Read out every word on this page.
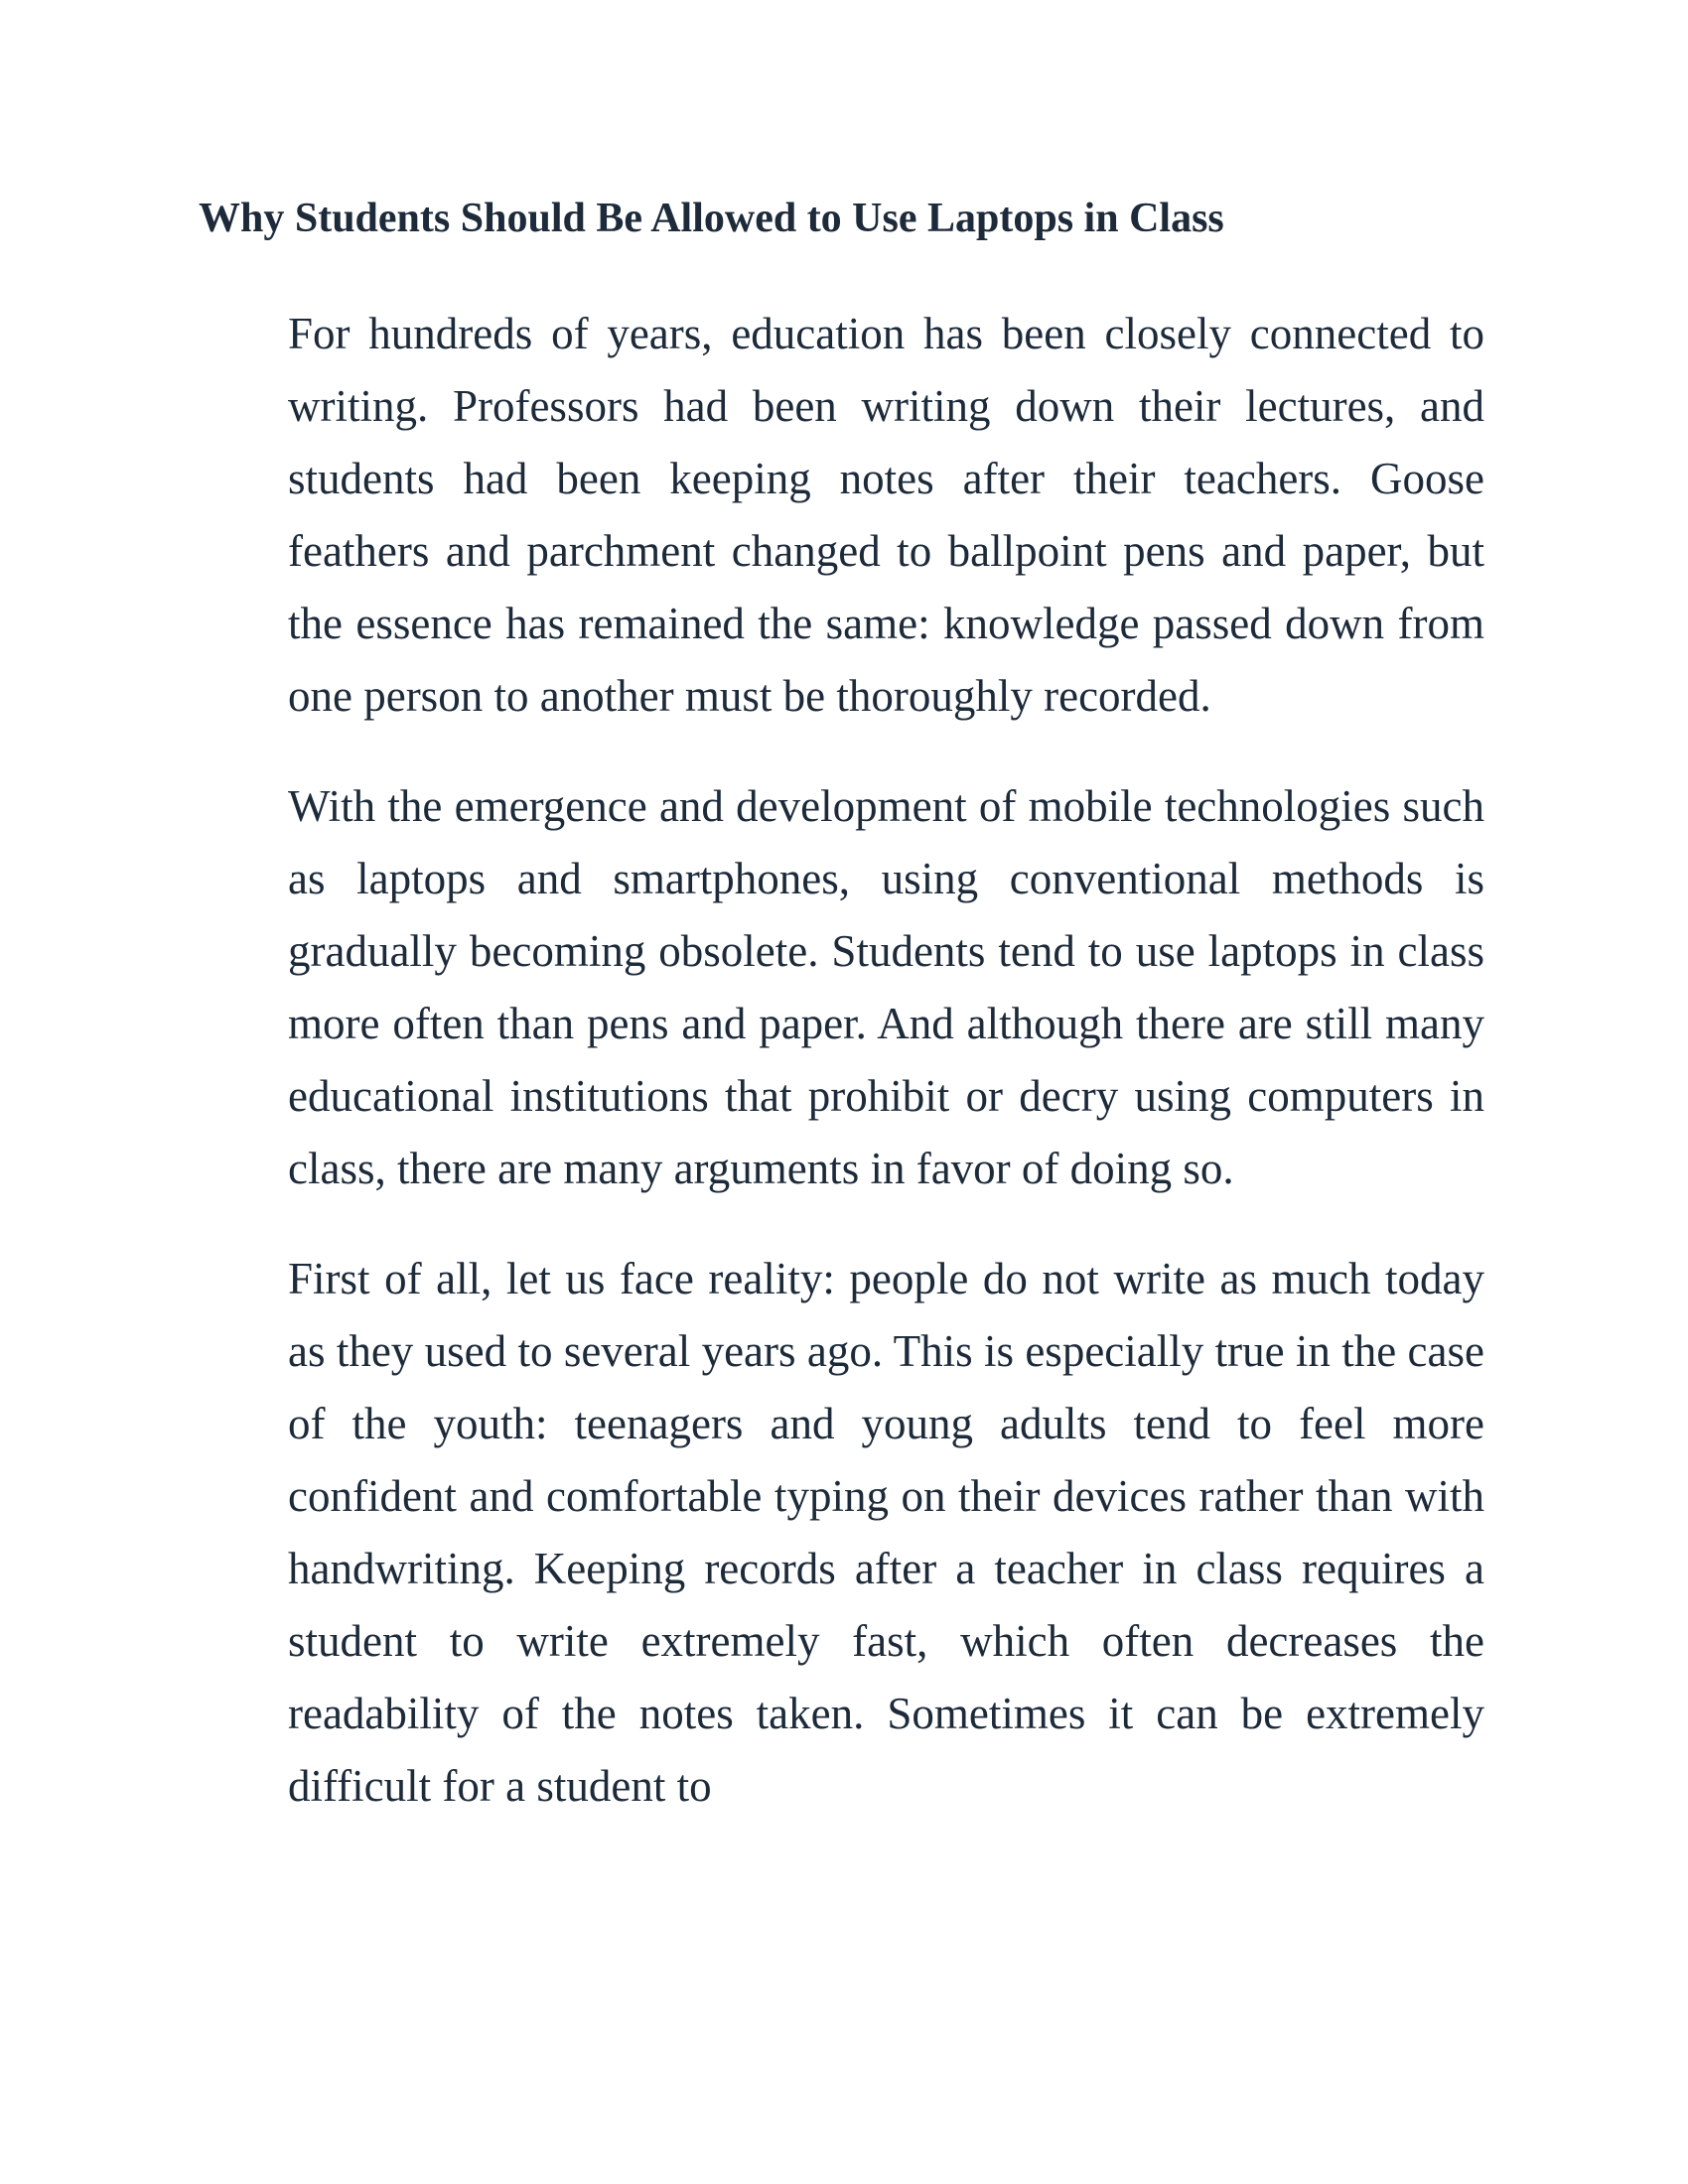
Why Students Should Be Allowed to Use Laptops in Class

For hundreds of years, education has been closely connected to writing. Professors had been writing down their lectures, and students had been keeping notes after their teachers. Goose feathers and parchment changed to ballpoint pens and paper, but the essence has remained the same: knowledge passed down from one person to another must be thoroughly recorded.

With the emergence and development of mobile technologies such as laptops and smartphones, using conventional methods is gradually becoming obsolete. Students tend to use laptops in class more often than pens and paper. And although there are still many educational institutions that prohibit or decry using computers in class, there are many arguments in favor of doing so.

First of all, let us face reality: people do not write as much today as they used to several years ago. This is especially true in the case of the youth: teenagers and young adults tend to feel more confident and comfortable typing on their devices rather than with handwriting. Keeping records after a teacher in class requires a student to write extremely fast, which often decreases the readability of the notes taken. Sometimes it can be extremely difficult for a student to
